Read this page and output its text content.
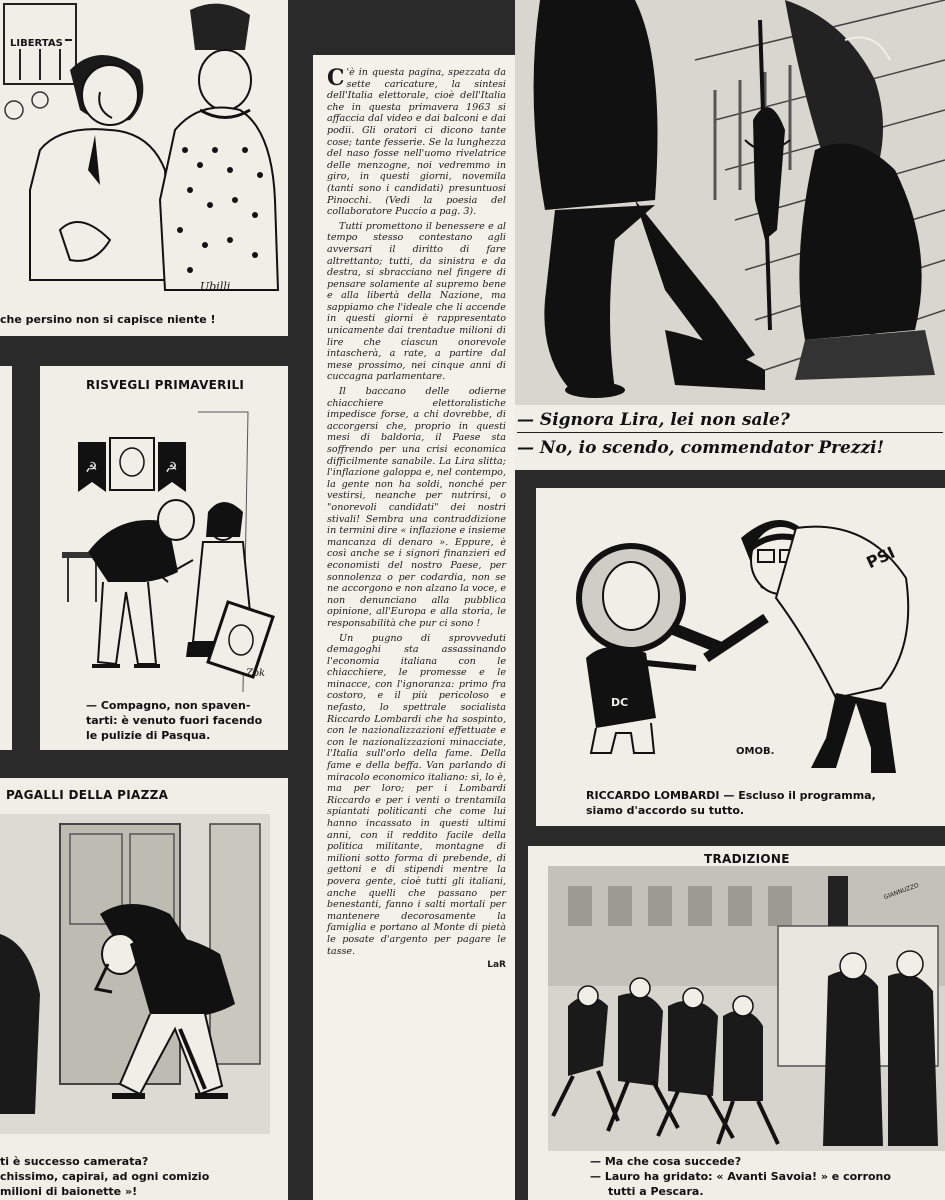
LIBERTAS
Ubilli
che persino non si capisce niente !
RISVEGLI PRIMAVERILI
☭	☭
Zok
— Compagno, non spaven-
tarti: è venuto fuori facendo
le pulizie di Pasqua.
PAGALLI DELLA PIAZZA
ti è successo camerata?
chissimo, capirai, ad ogni comizio
milioni di baionette »!

C 'è in questa pagina, spezzata da sette caricature, la sintesi dell'Italia elettorale, cioè dell'Italia che in questa primavera 1963 si affaccia dal video e dai balconi e dai podii. Gli oratori ci dicono tante cose; tante fesserie. Se la lunghezza del naso fosse nell'uomo rivelatrice delle menzogne, noi vedremmo in giro, in questi giorni, novemila (tanti sono i candidati) presuntuosi Pinocchi. (Vedi la poesia del collaboratore Puccio a pag. 3).

Tutti promettono il benessere e al tempo stesso contestano agli avversari il diritto di fare altrettanto; tutti, da sinistra e da destra, si sbracciano nel fingere di pensare solamente al supremo bene e alla libertà della Nazione, ma sappiamo che l'ideale che li accende in questi giorni è rappresentato unicamente dai trentadue milioni di lire che ciascun onorevole intascherà, a rate, a partire dal mese prossimo, nei cinque anni di cuccagna parlamentare.

Il baccano delle odierne chiacchiere elettoralistiche impedisce forse, a chi dovrebbe, di accorgersi che, proprio in questi mesi di baldoria, il Paese sta soffrendo per una crisi economica difficilmente sanabile. La Lira slitta; l'inflazione galoppa e, nel contempo, la gente non ha soldi, nonché per vestirsi, neanche per nutrirsi, o "onorevoli candidati" dei nostri stivali! Sembra una contraddizione in termini dire « inflazione e insieme mancanza di denaro ». Eppure, è così anche se i signori finanzieri ed economisti del nostro Paese, per sonnolenza o per codardia, non se ne accorgono e non alzano la voce, e non denunciano alla pubblica opinione, all'Europa e alla storia, le responsabilità che pur ci sono !

Un pugno di sprovveduti demagoghi sta assassinando l'economia italiana con le chiacchiere, le promesse e le minacce, con l'ignoranza: primo fra costoro, e il più pericoloso e nefasto, lo spettrale socialista Riccardo Lombardi che ha sospinto, con le nazionalizzazioni effettuate e con le nazionalizzazioni minacciate, l'Italia sull'orlo della fame. Della fame e della beffa. Van parlando di miracolo economico italiano: sì, lo è, ma per loro; per i Lombardi Riccardo e per i venti o trentamila spiantati politicanti che come lui hanno incassato in questi ultimi anni, con il reddito facile della politica militante, montagne di milioni sotto forma di prebende, di gettoni e di stipendi mentre la povera gente, cioè tutti gli italiani, anche quelli che passano per benestanti, fanno i salti mortali per mantenere decorosamente la famiglia e portano al Monte di pietà le posate d'argento per pagare le tasse.

LaR
— Signora Lira, lei non sale?
— No, io scendo, commendator Prezzi!
PSI
DC
OMOB.
RICCARDO LOMBARDI — Escluso il programma,
siamo d'accordo su tutto.
TRADIZIONE
GIANNUZZO
— Ma che cosa succede?
— Lauro ha gridato: « Avanti Savoia! » e corrono
tutti a Pescara.
